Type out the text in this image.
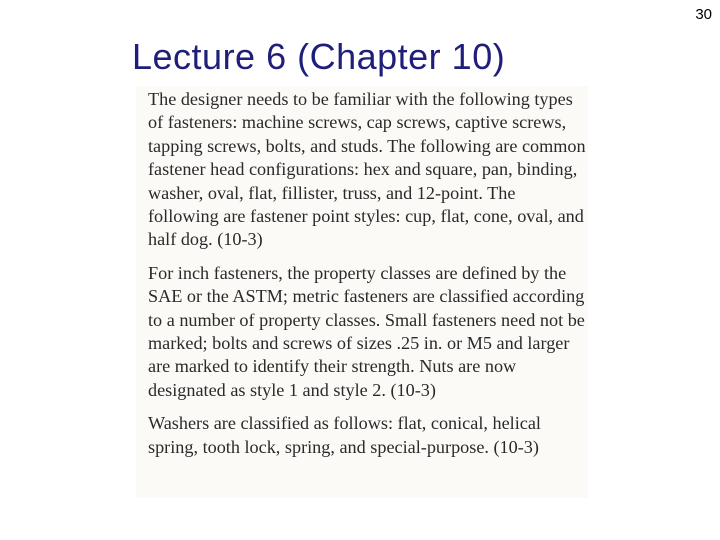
30
Lecture 6 (Chapter 10)

The designer needs to be familiar with the following types of fasteners: machine screws, cap screws, captive screws, tapping screws, bolts, and studs. The following are common fastener head configurations: hex and square, pan, binding, washer, oval, flat, fillister, truss, and 12-point. The following are fastener point styles: cup, flat, cone, oval, and half dog. (10-3)

For inch fasteners, the property classes are defined by the SAE or the ASTM; metric fasteners are classified according to a number of property classes. Small fasteners need not be marked; bolts and screws of sizes .25 in. or M5 and larger are marked to identify their strength. Nuts are now designated as style 1 and style 2. (10-3)

Washers are classified as follows: flat, conical, helical spring, tooth lock, spring, and special-purpose. (10-3)
